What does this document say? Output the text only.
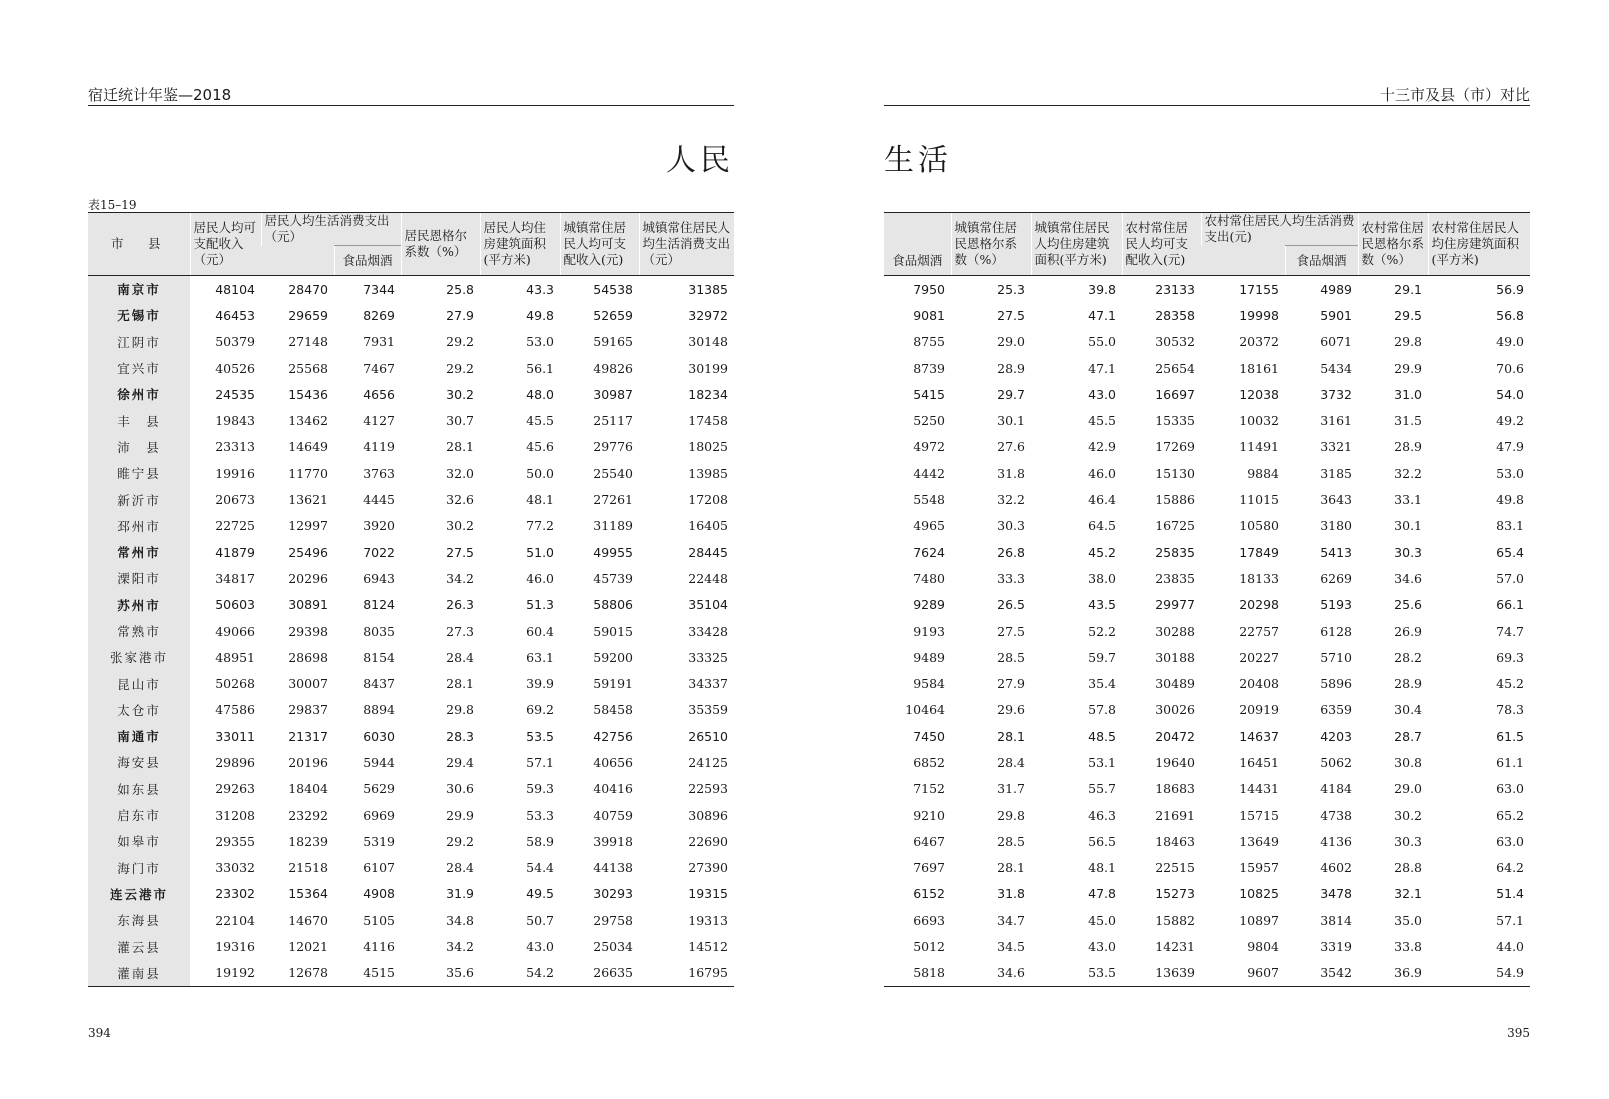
宿迁统计年鉴—2018
人民
表15–19
市　县	居民人均可支配收入（元）	居民人均生活消费支出（元）		居民恩格尔系数（%）	居民人均住房建筑面积(平方米)	城镇常住居民人均可支配收入(元)	城镇常住居民人均生活消费支出（元）
			食品烟酒				
南京市	48104	28470	7344	25.8	43.3	54538	31385
无锡市	46453	29659	8269	27.9	49.8	52659	32972
江阴市	50379	27148	7931	29.2	53.0	59165	30148
宜兴市	40526	25568	7467	29.2	56.1	49826	30199
徐州市	24535	15436	4656	30.2	48.0	30987	18234
丰　县	19843	13462	4127	30.7	45.5	25117	17458
沛　县	23313	14649	4119	28.1	45.6	29776	18025
睢宁县	19916	11770	3763	32.0	50.0	25540	13985
新沂市	20673	13621	4445	32.6	48.1	27261	17208
邳州市	22725	12997	3920	30.2	77.2	31189	16405
常州市	41879	25496	7022	27.5	51.0	49955	28445
溧阳市	34817	20296	6943	34.2	46.0	45739	22448
苏州市	50603	30891	8124	26.3	51.3	58806	35104
常熟市	49066	29398	8035	27.3	60.4	59015	33428
张家港市	48951	28698	8154	28.4	63.1	59200	33325
昆山市	50268	30007	8437	28.1	39.9	59191	34337
太仓市	47586	29837	8894	29.8	69.2	58458	35359
南通市	33011	21317	6030	28.3	53.5	42756	26510
海安县	29896	20196	5944	29.4	57.1	40656	24125
如东县	29263	18404	5629	30.6	59.3	40416	22593
启东市	31208	23292	6969	29.9	53.3	40759	30896
如皋市	29355	18239	5319	29.2	58.9	39918	22690
海门市	33032	21518	6107	28.4	54.4	44138	27390
连云港市	23302	15364	4908	31.9	49.5	30293	19315
东海县	22104	14670	5105	34.8	50.7	29758	19313
灌云县	19316	12021	4116	34.2	43.0	25034	14512
灌南县	19192	12678	4515	35.6	54.2	26635	16795
394
十三市及县（市）对比
生活
食品烟酒	城镇常住居民恩格尔系数（%）	城镇常住居民人均住房建筑面积(平方米)	农村常住居民人均可支配收入(元)	农村常住居民人均生活消费支出(元)		农村常住居民恩格尔系数（%）	农村常住居民人均住房建筑面积(平方米)
					食品烟酒		
7950	25.3	39.8	23133	17155	4989	29.1	56.9
9081	27.5	47.1	28358	19998	5901	29.5	56.8
8755	29.0	55.0	30532	20372	6071	29.8	49.0
8739	28.9	47.1	25654	18161	5434	29.9	70.6
5415	29.7	43.0	16697	12038	3732	31.0	54.0
5250	30.1	45.5	15335	10032	3161	31.5	49.2
4972	27.6	42.9	17269	11491	3321	28.9	47.9
4442	31.8	46.0	15130	9884	3185	32.2	53.0
5548	32.2	46.4	15886	11015	3643	33.1	49.8
4965	30.3	64.5	16725	10580	3180	30.1	83.1
7624	26.8	45.2	25835	17849	5413	30.3	65.4
7480	33.3	38.0	23835	18133	6269	34.6	57.0
9289	26.5	43.5	29977	20298	5193	25.6	66.1
9193	27.5	52.2	30288	22757	6128	26.9	74.7
9489	28.5	59.7	30188	20227	5710	28.2	69.3
9584	27.9	35.4	30489	20408	5896	28.9	45.2
10464	29.6	57.8	30026	20919	6359	30.4	78.3
7450	28.1	48.5	20472	14637	4203	28.7	61.5
6852	28.4	53.1	19640	16451	5062	30.8	61.1
7152	31.7	55.7	18683	14431	4184	29.0	63.0
9210	29.8	46.3	21691	15715	4738	30.2	65.2
6467	28.5	56.5	18463	13649	4136	30.3	63.0
7697	28.1	48.1	22515	15957	4602	28.8	64.2
6152	31.8	47.8	15273	10825	3478	32.1	51.4
6693	34.7	45.0	15882	10897	3814	35.0	57.1
5012	34.5	43.0	14231	9804	3319	33.8	44.0
5818	34.6	53.5	13639	9607	3542	36.9	54.9
395
